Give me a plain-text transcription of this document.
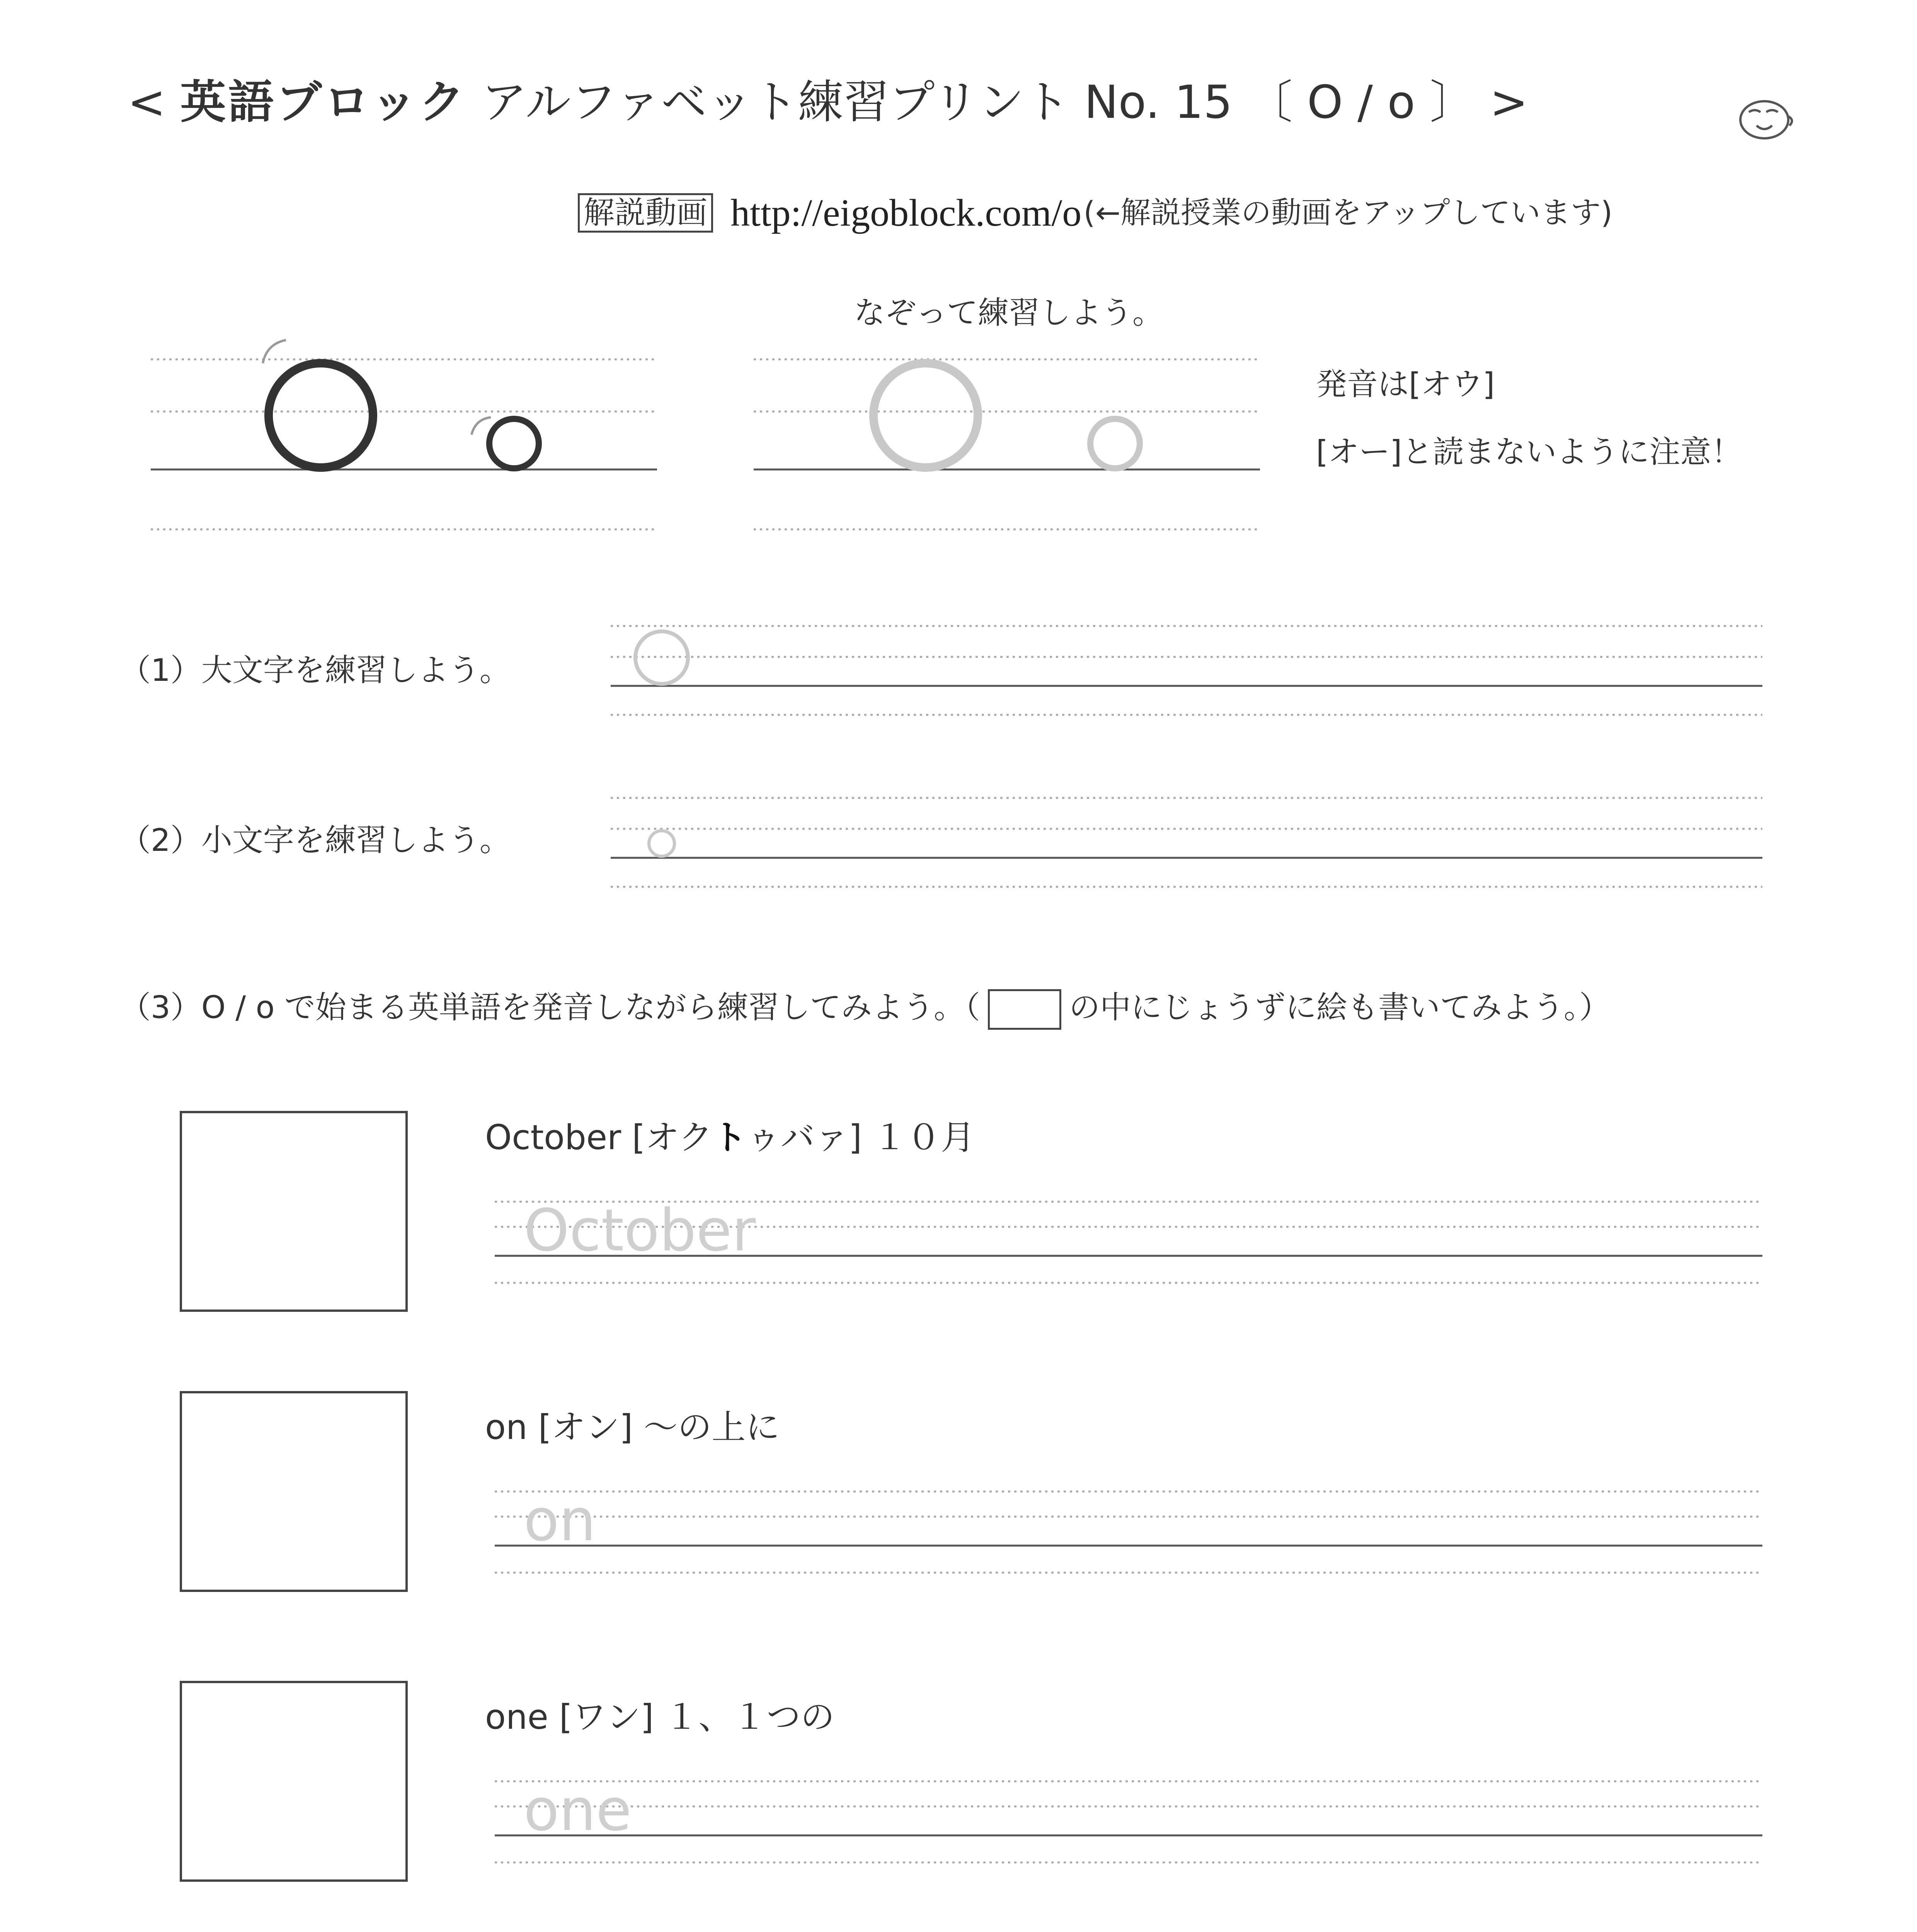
< 英語ブロック アルファベット練習プリント No. 15 〔 O / o 〕 >
解説動画 http://eigoblock.com/o (←解説授業の動画をアップしています)
なぞって練習しよう。
発音は[オウ]
[オー]と読まないように注意！
（1）大文字を練習しよう。
（2）小文字を練習しよう。
（3）O / o で始まる英単語を発音しながら練習してみよう。（	の中にじょうずに絵も書いてみよう。）
October [オクトゥバァ] １０月
October
on [オン] 〜の上に
on
one [ワン] １、１つの
one
